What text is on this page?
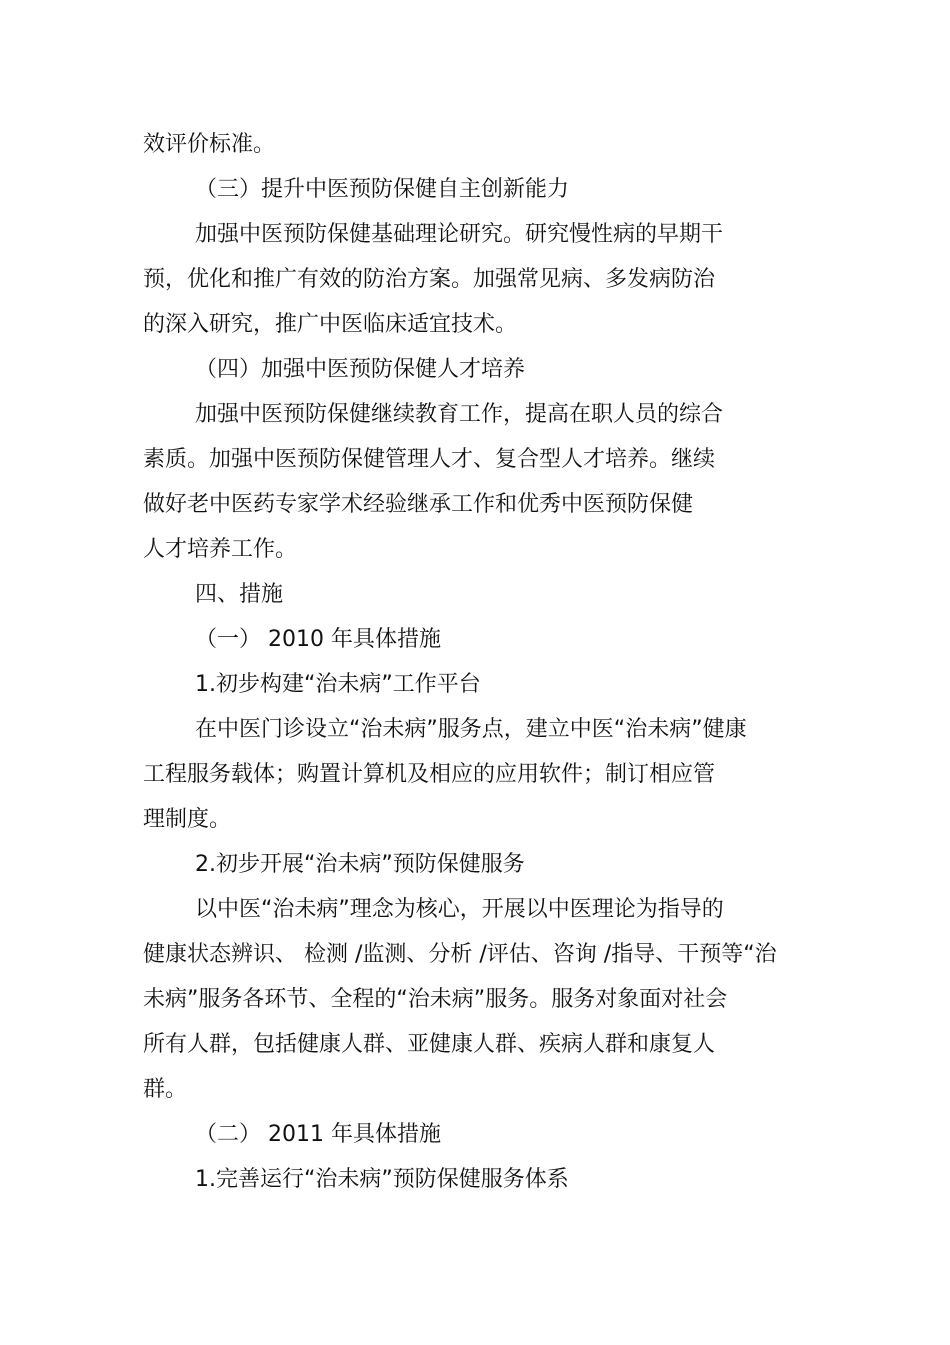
效评价标准。
（三）提升中医预防保健自主创新能力
加强中医预防保健基础理论研究。研究慢性病的早期干
预，优化和推广有效的防治方案。加强常见病、多发病防治
的深入研究，推广中医临床适宜技术。
（四）加强中医预防保健人才培养
加强中医预防保健继续教育工作，提高在职人员的综合
素质。加强中医预防保健管理人才、复合型人才培养。继续
做好老中医药专家学术经验继承工作和优秀中医预防保健
人才培养工作。
四、措施
（一） 2010 年具体措施
1.初步构建“治未病”工作平台
在中医门诊设立“治未病”服务点，建立中医“治未病”健康
工程服务载体；购置计算机及相应的应用软件；制订相应管
理制度。
2.初步开展“治未病”预防保健服务
以中医“治未病”理念为核心，开展以中医理论为指导的
健康状态辨识、 检测 /监测、分析 /评估、咨询 /指导、干预等“治
未病”服务各环节、全程的“治未病”服务。服务对象面对社会
所有人群，包括健康人群、亚健康人群、疾病人群和康复人
群。
（二） 2011 年具体措施
1.完善运行“治未病”预防保健服务体系
